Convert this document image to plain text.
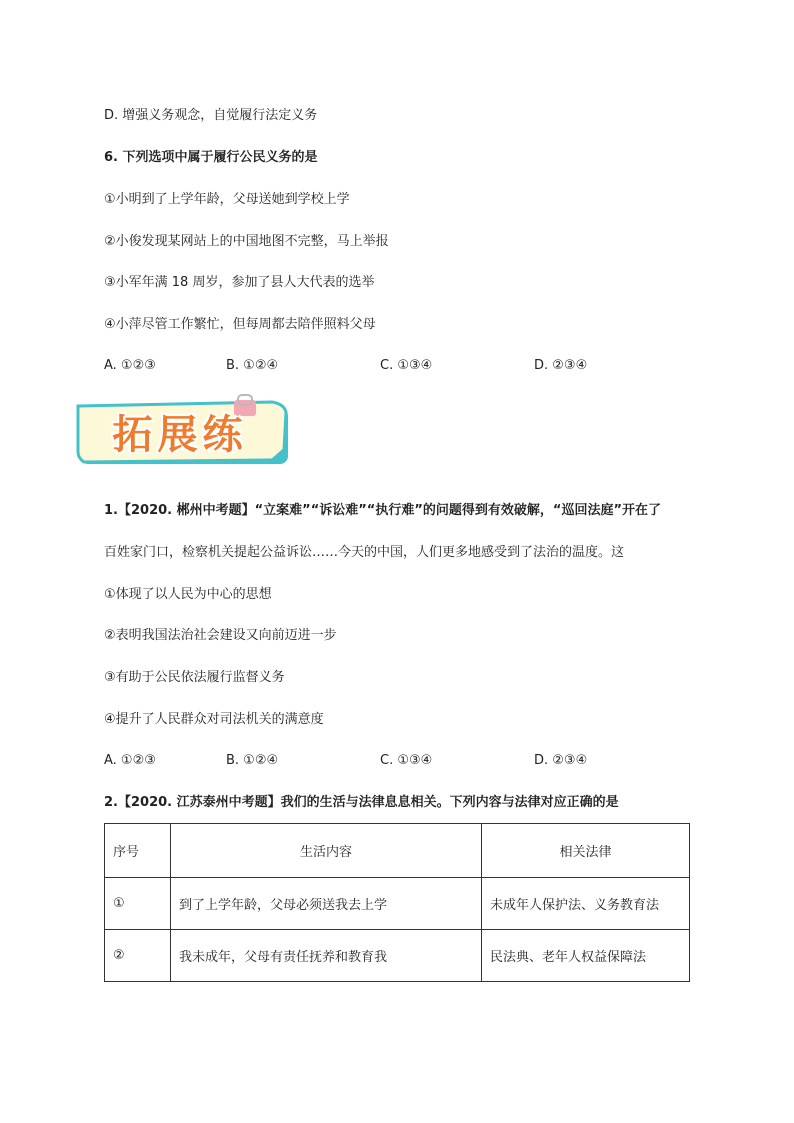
D. 增强义务观念，自觉履行法定义务
6. 下列选项中属于履行公民义务的是
①小明到了上学年龄，父母送她到学校上学
②小俊发现某网站上的中国地图不完整，马上举报
③小军年满 18 周岁，参加了县人大代表的选举
④小萍尽管工作繁忙，但每周都去陪伴照料父母
A. ①②③	B. ①②④	C. ①③④	D. ②③④
拓展练
1.【2020. 郴州中考题】“立案难”“诉讼难”“执行难”的问题得到有效破解，“巡回法庭”开在了
百姓家门口，检察机关提起公益诉讼……今天的中国，人们更多地感受到了法治的温度。这
①体现了以人民为中心的思想
②表明我国法治社会建设又向前迈进一步
③有助于公民依法履行监督义务
④提升了人民群众对司法机关的满意度
A. ①②③	B. ①②④	C. ①③④	D. ②③④
2.【2020. 江苏泰州中考题】我们的生活与法律息息相关。下列内容与法律对应正确的是
序号	生活内容	相关法律
①	到了上学年龄，父母必须送我去上学	未成年人保护法、义务教育法
②	我未成年，父母有责任抚养和教育我	民法典、老年人权益保障法
